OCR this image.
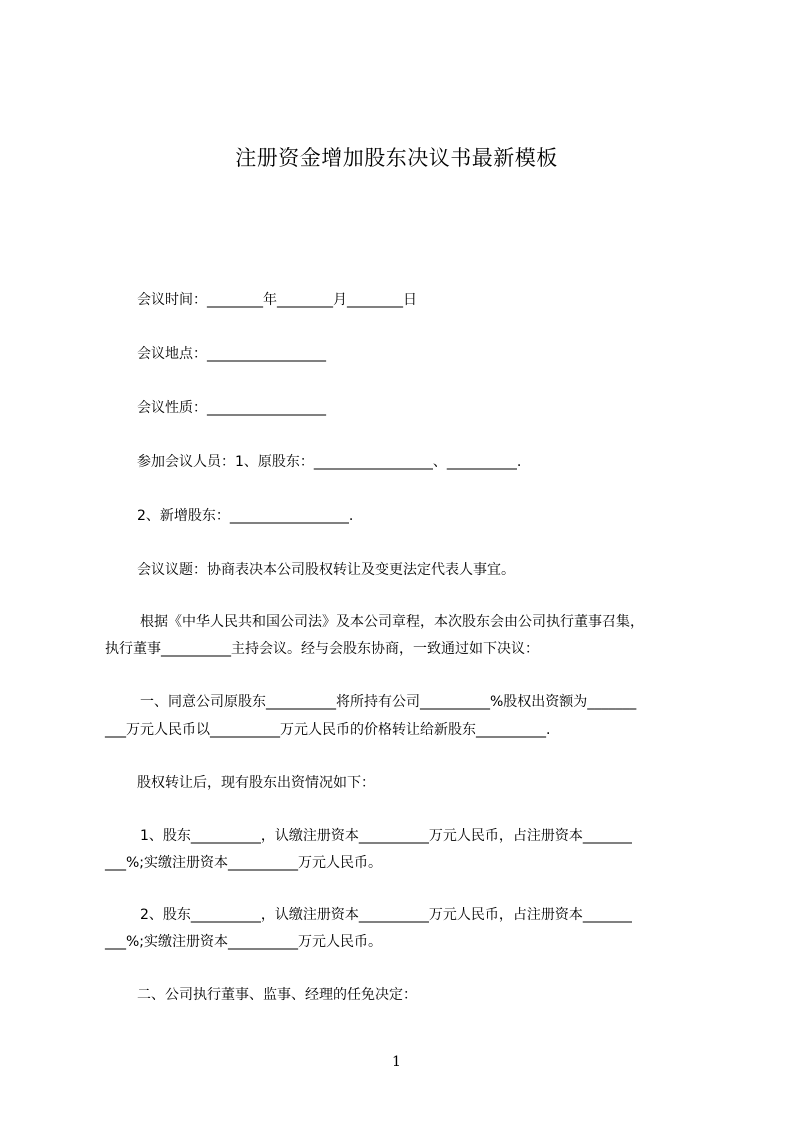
注册资金增加股东决议书最新模板
会议时间：________年________月________日
会议地点：_________________
会议性质：_________________
参加会议人员：1、原股东：_________________、__________.
2、新增股东：_________________.
会议议题：协商表决本公司股权转让及变更法定代表人事宜。
根据《中华人民共和国公司法》及本公司章程，本次股东会由公司执行董事召集，
执行董事__________主持会议。经与会股东协商，一致通过如下决议：
一、同意公司原股东__________将所持有公司__________%股权出资额为_______
___万元人民币以__________万元人民币的价格转让给新股东__________.
股权转让后，现有股东出资情况如下：
1、股东__________，认缴注册资本__________万元人民币，占注册资本_______
___%;实缴注册资本__________万元人民币。
2、股东__________，认缴注册资本__________万元人民币，占注册资本_______
___%;实缴注册资本__________万元人民币。
二、公司执行董事、监事、经理的任免决定：
1
